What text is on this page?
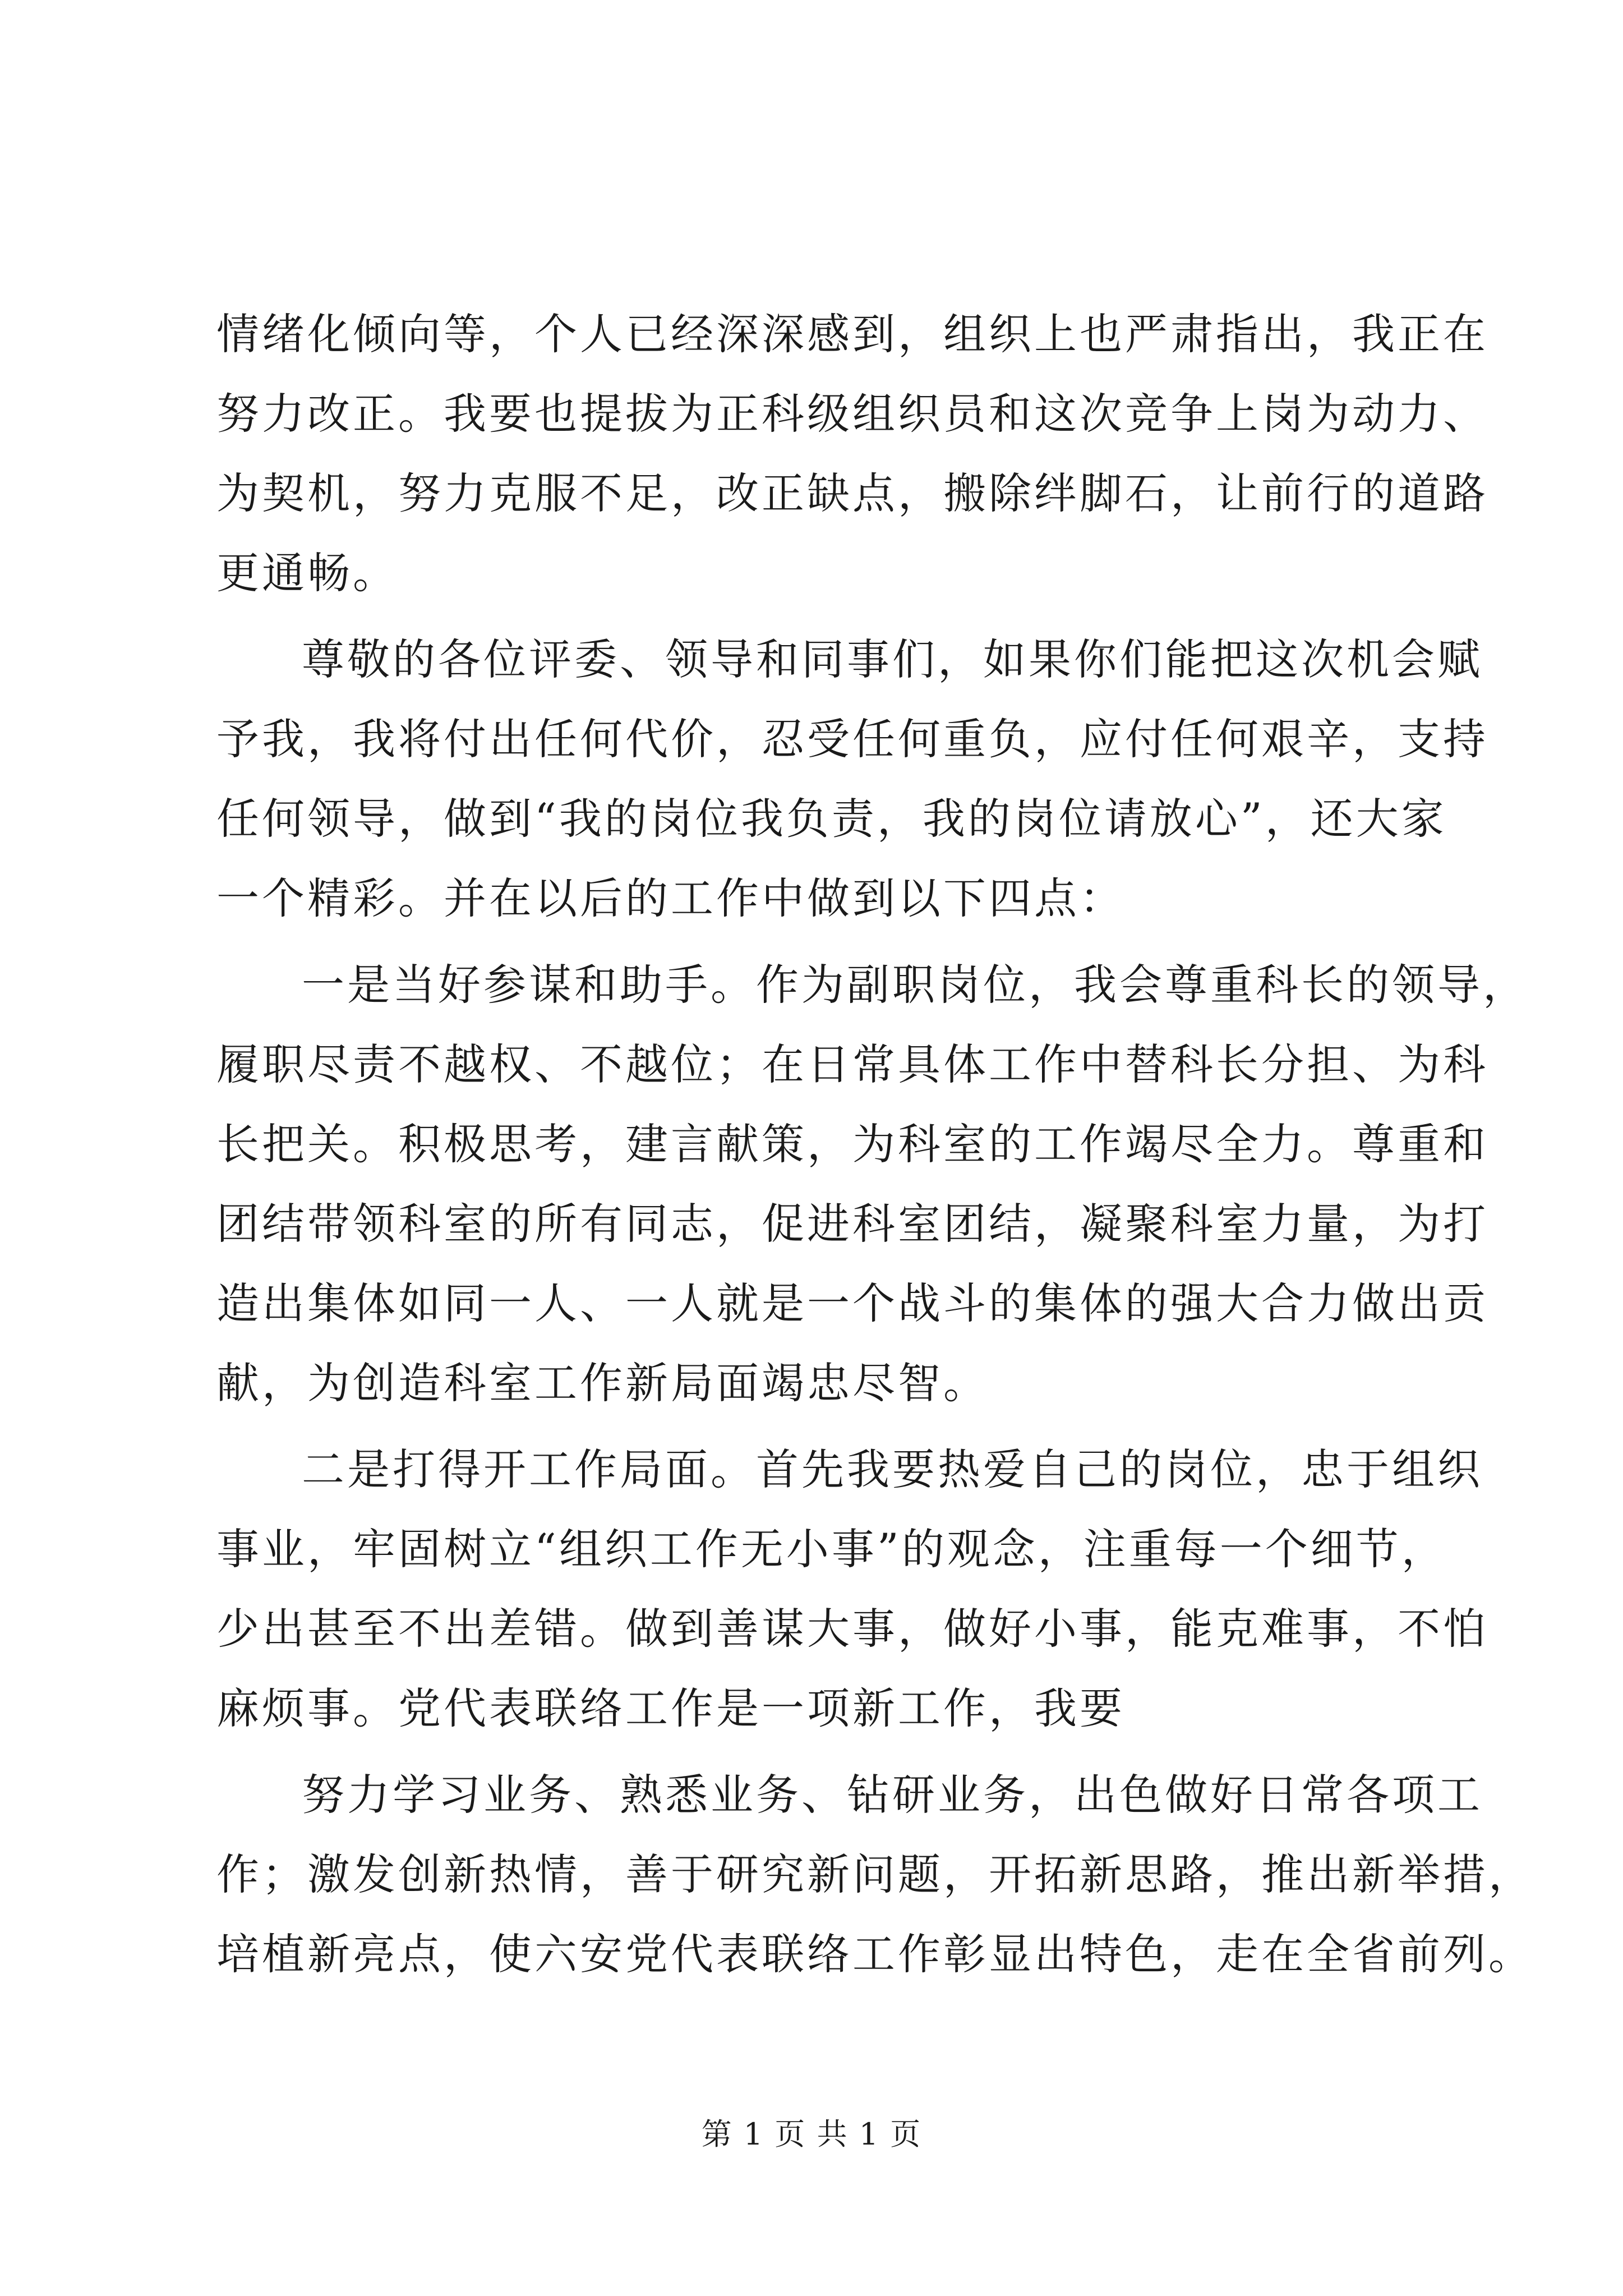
情绪化倾向等，个人已经深深感到，组织上也严肃指出，我正在
努力改正。我要也提拔为正科级组织员和这次竞争上岗为动力、
为契机，努力克服不足，改正缺点，搬除绊脚石，让前行的道路
更通畅。

尊敬的各位评委、领导和同事们，如果你们能把这次机会赋
予我，我将付出任何代价，忍受任何重负，应付任何艰辛，支持
任何领导，做到“我的岗位我负责，我的岗位请放心”，还大家
一个精彩。并在以后的工作中做到以下四点：

一是当好参谋和助手。作为副职岗位，我会尊重科长的领导，
履职尽责不越权、不越位；在日常具体工作中替科长分担、为科
长把关。积极思考，建言献策，为科室的工作竭尽全力。尊重和
团结带领科室的所有同志，促进科室团结，凝聚科室力量，为打
造出集体如同一人、一人就是一个战斗的集体的强大合力做出贡
献，为创造科室工作新局面竭忠尽智。

二是打得开工作局面。首先我要热爱自己的岗位，忠于组织
事业，牢固树立“组织工作无小事”的观念，注重每一个细节，
少出甚至不出差错。做到善谋大事，做好小事，能克难事，不怕
麻烦事。党代表联络工作是一项新工作，我要

努力学习业务、熟悉业务、钻研业务，出色做好日常各项工
作；激发创新热情，善于研究新问题，开拓新思路，推出新举措，
培植新亮点，使六安党代表联络工作彰显出特色，走在全省前列。

第 1 页 共 1 页
